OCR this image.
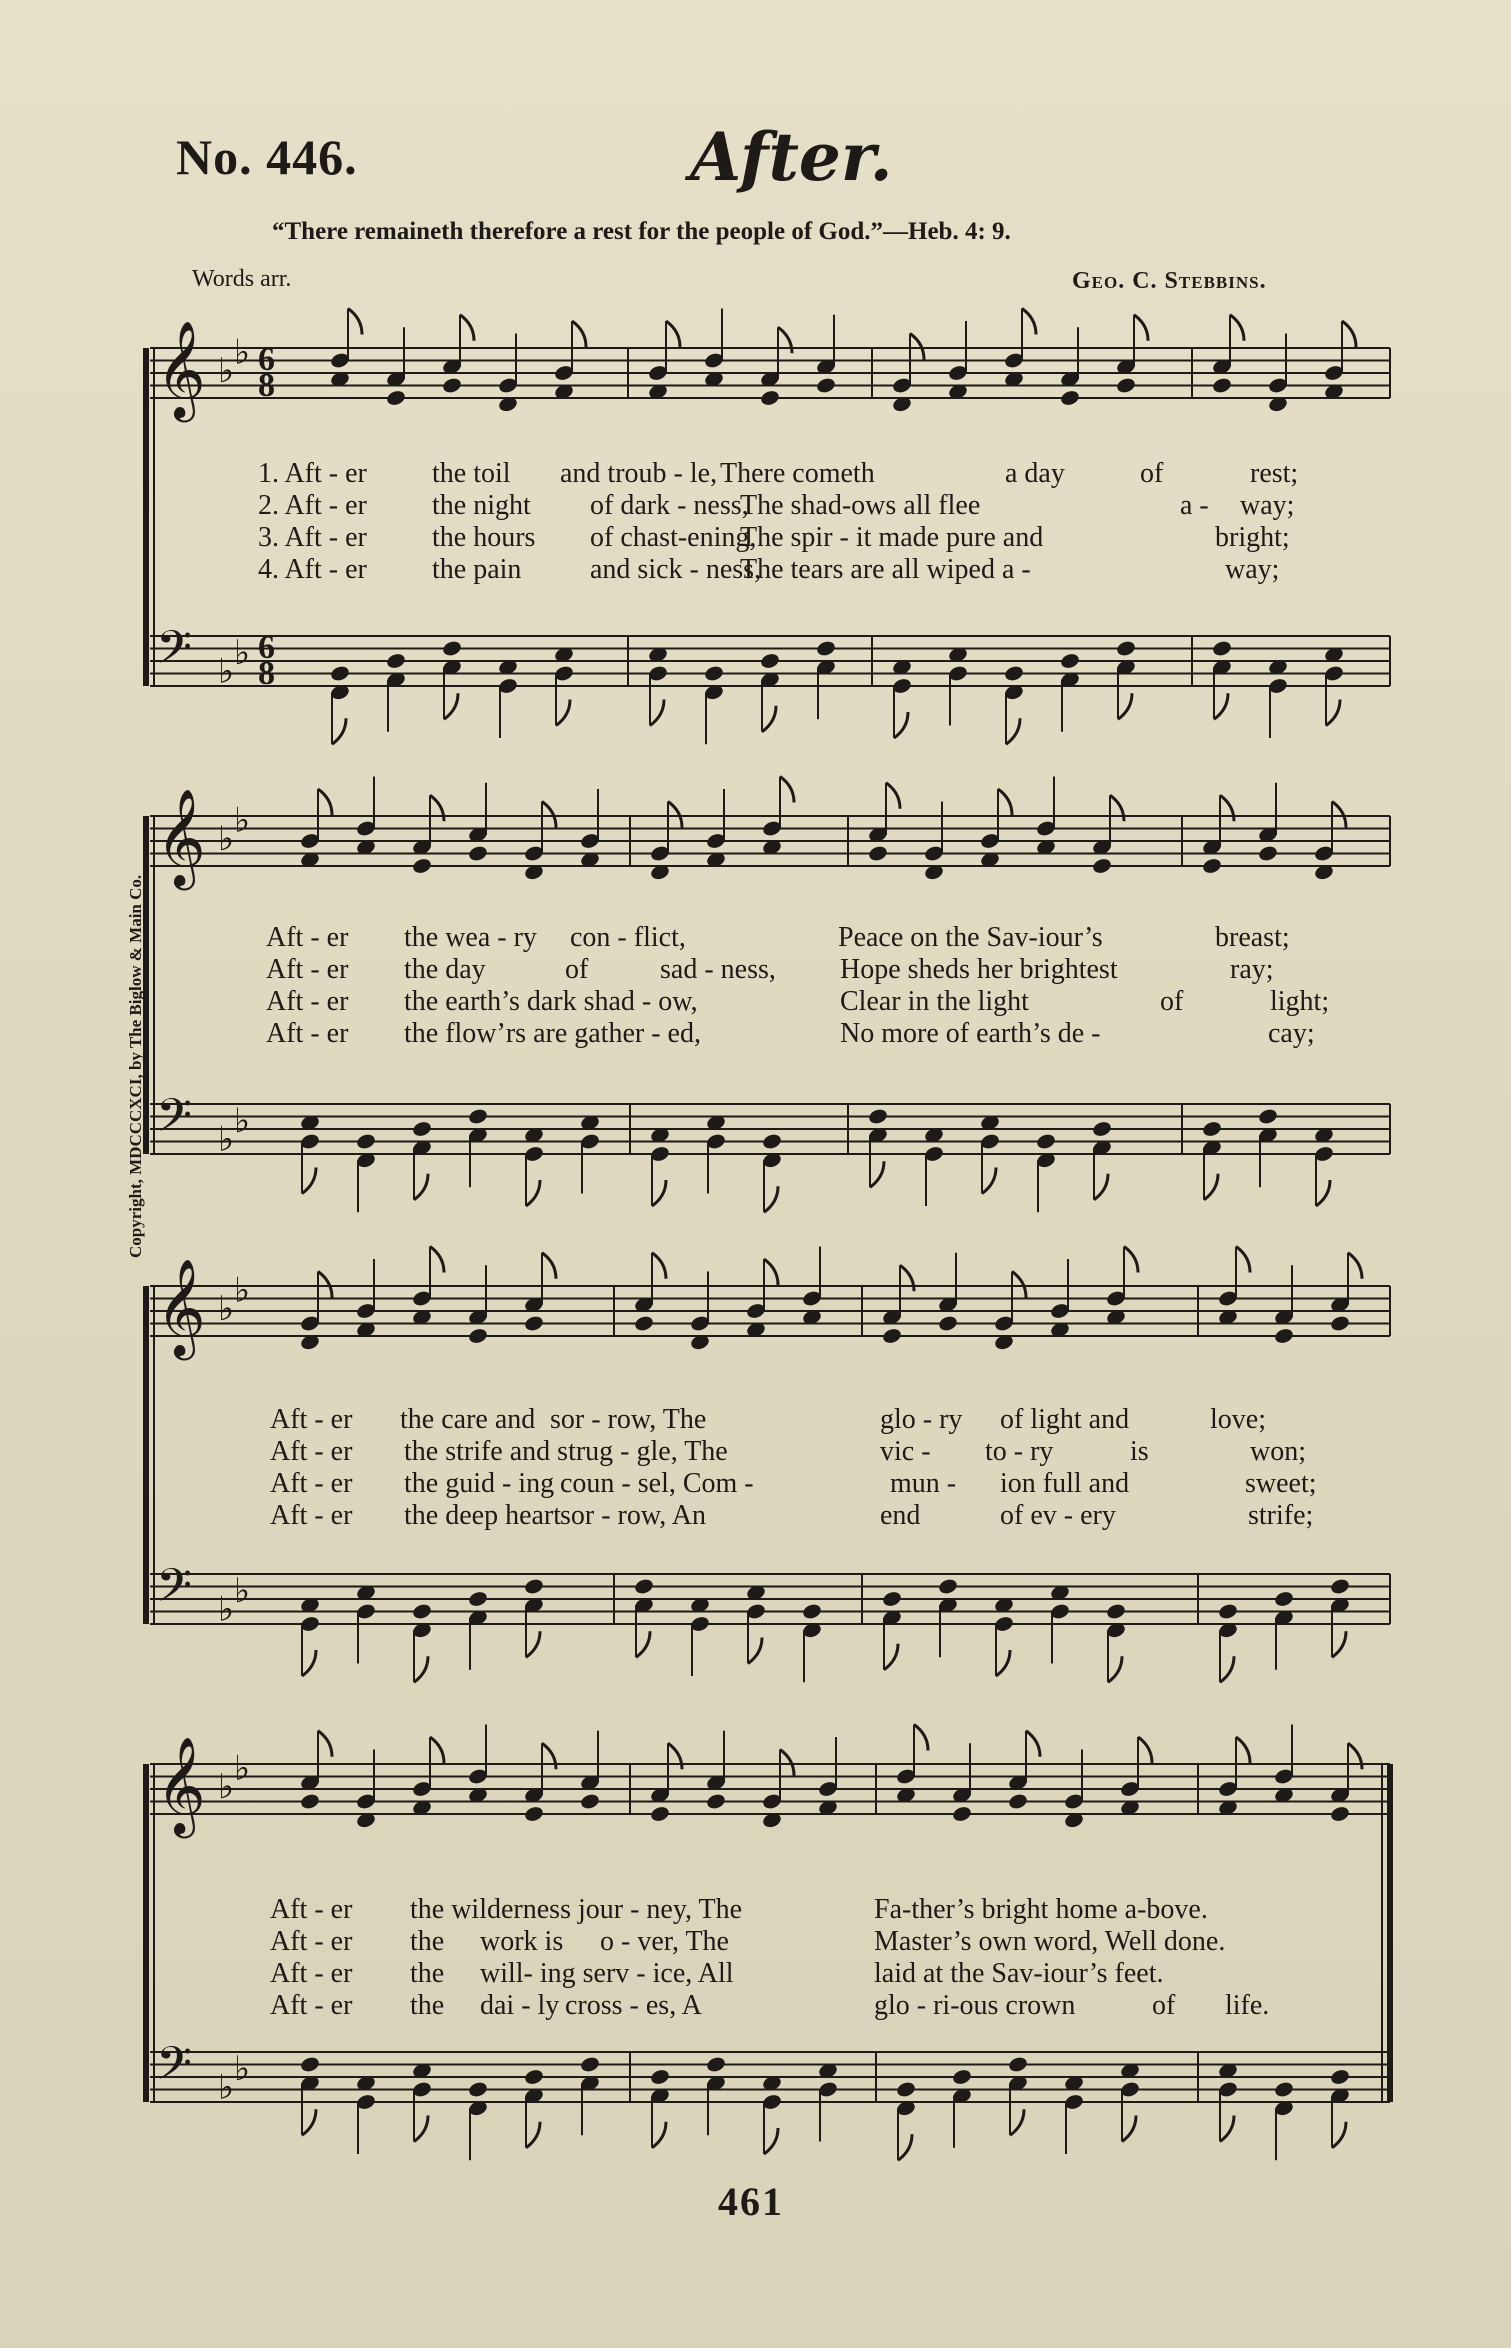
No. 446.	After.
“There remaineth therefore a rest for the people of God.”—Heb. 4: 9.
Words arr.	Geo. C. Stebbins.
Copyright, MDCCCXCI, by The Biglow & Main Co.
𝄞 ♭ ♭ 6
8
𝄢 ♭ ♭ 6
8
1. Aft - er the toil and troub - le, There cometh	a day	of	rest;
2. Aft - er the night of dark - ness,
The shad-ows all flee	a - way;
3. Aft - er the hours of chast-ening,
The spir - it made pure and	bright;
4. Aft - er the pain and sick - ness,
The tears are all wiped a -	way;
𝄞 ♭ ♭
𝄢 ♭ ♭
Aft - er the wea - ry con - flict,	Peace on the Sav-iour’s	breast;
Aft - er the day	of	sad - ness, Hope sheds her brightest	ray;
Aft - er the earth’s dark shad - ow,	Clear in the light	of	light;
Aft - er the flow’rs are gather - ed,	No more of earth’s de -	cay;
𝄞 ♭ ♭
𝄢 ♭ ♭
Aft - er the care and sor - row, The	glo - ry of light and	love;
Aft - er the strife and strug - gle, The	vic - to - ry	is	won;
Aft - er the guid - ing coun - sel, Com -	mun - ion full and	sweet;
Aft - er the deep heart
sor - row, An	end	of ev - ery	strife;
𝄞 ♭ ♭
𝄢 ♭ ♭
Aft - er the wilderness jour - ney, The	Fa-ther’s bright home a-bove.
Aft - er the work is o - ver, The	Master’s own word, Well done.
Aft - er the will- ing serv - ice, All	laid at the Sav-iour’s feet.
Aft - er the dai - ly cross - es, A	glo - ri-ous crown	of life.
461
